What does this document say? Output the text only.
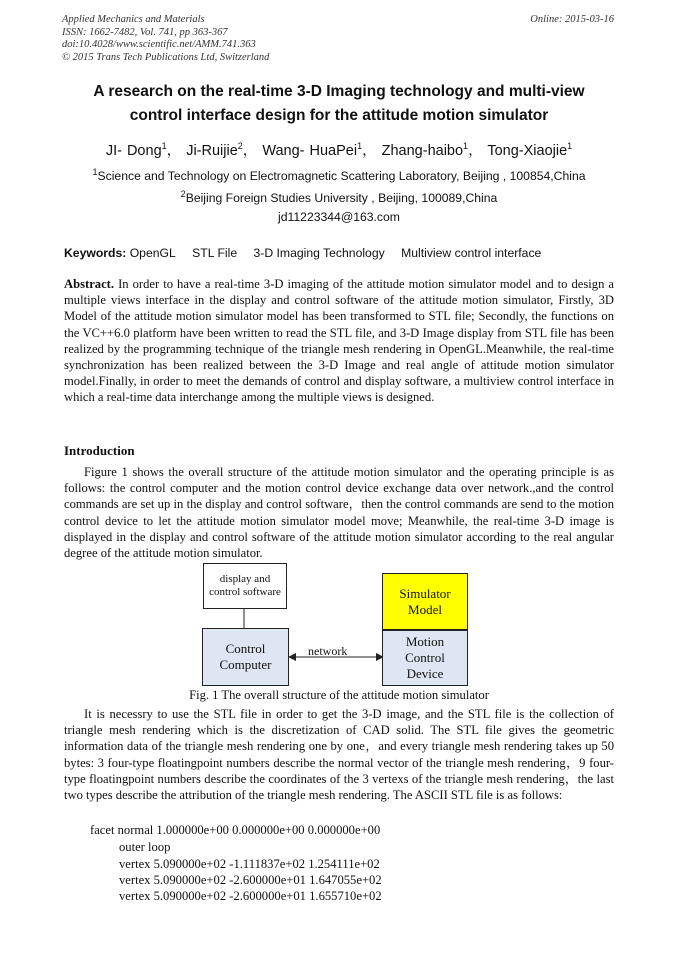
Applied Mechanics and Materials
ISSN: 1662-7482, Vol. 741, pp 363-367
doi:10.4028/www.scientific.net/AMM.741.363
© 2015 Trans Tech Publications Ltd, Switzerland
Online: 2015-03-16
A research on the real-time 3-D Imaging technology and multi-view
control interface design for the attitude motion simulator
JI- Dong$^1$， Ji-Ruijie$^2$， Wang- HuaPei$^1$， Zhang-haibo$^1$， Tong-Xiaojie$^1$
$^1$Science and Technology on Electromagnetic Scattering Laboratory, Beijing , 100854,China
$^2$Beijing Foreign Studies University , Beijing, 100089,China
jd11223344@163.com
Keywords: OpenGL STL File 3-D Imaging Technology Multiview control interface
Abstract. In order to have a real-time 3-D imaging of the attitude motion simulator model and to design a multiple views interface in the display and control software of the attitude motion simulator, Firstly, 3D Model of the attitude motion simulator model has been transformed to STL file; Secondly, the functions on the VC++6.0 platform have been written to read the STL file, and 3-D Image display from STL file has been realized by the programming technique of the triangle mesh rendering in OpenGL.Meanwhile, the real-time synchronization has been realized between the 3-D Image and real angle of attitude motion simulator model.Finally, in order to meet the demands of control and display software, a multiview control interface in which a real-time data interchange among the multiple views is designed.
Introduction
Figure 1 shows the overall structure of the attitude motion simulator and the operating principle is as follows: the control computer and the motion control device exchange data over network.,and the control commands are set up in the display and control software，then the control commands are send to the motion control device to let the attitude motion simulator model move; Meanwhile, the real-time 3-D image is displayed in the display and control software of the attitude motion simulator according to the real angular degree of the attitude motion simulator.
display and control software
Control Computer
Simulator Model
Motion Control Device
network
Fig. 1 The overall structure of the attitude motion simulator
It is necessry to use the STL file in order to get the 3-D image, and the STL file is the collection of triangle mesh rendering which is the discretization of CAD solid. The STL file gives the geometric information data of the triangle mesh rendering one by one，and every triangle mesh rendering takes up 50 bytes: 3 four-type floatingpoint numbers describe the normal vector of the triangle mesh rendering，9 four-type floatingpoint numbers describe the coordinates of the 3 vertexs of the triangle mesh rendering，the last two types describe the attribution of the triangle mesh rendering. The ASCII STL file is as follows:
facet normal 1.000000e+00 0.000000e+00 0.000000e+00
outer loop
vertex 5.090000e+02 -1.111837e+02 1.254111e+02
vertex 5.090000e+02 -2.600000e+01 1.647055e+02
vertex 5.090000e+02 -2.600000e+01 1.655710e+02
